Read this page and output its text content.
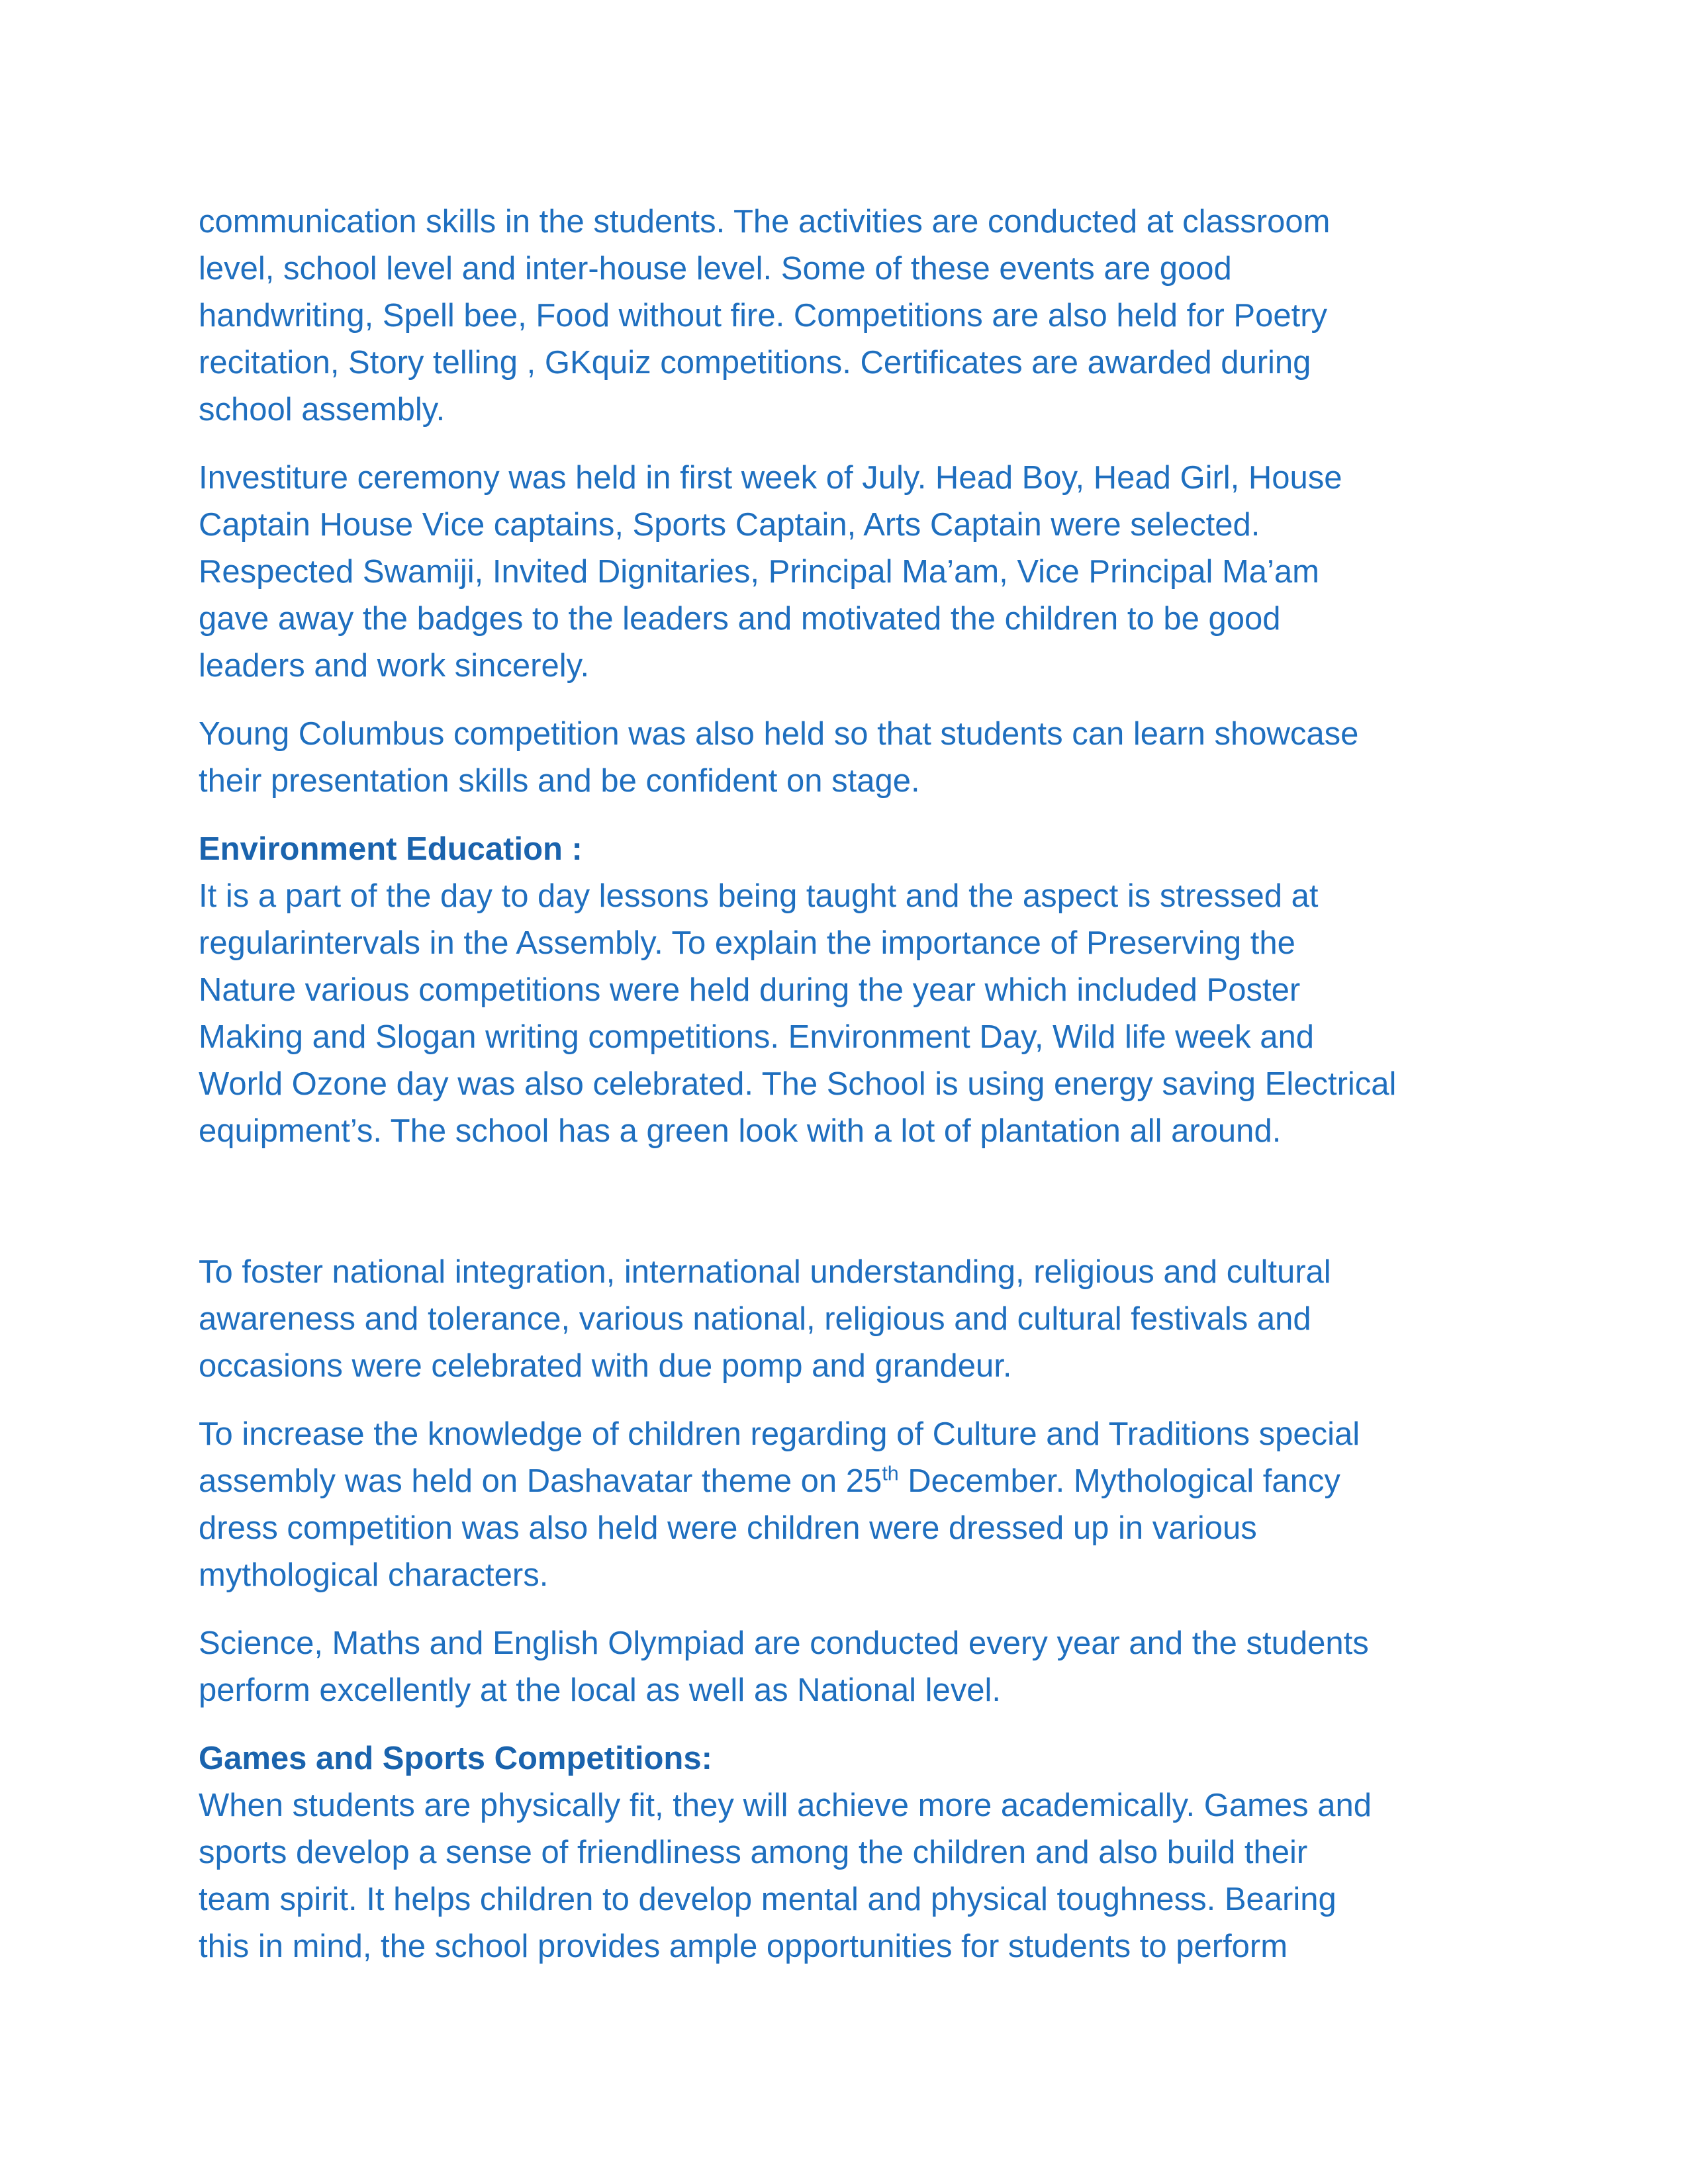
communication skills in the students. The activities are conducted at classroom
level, school level and inter-house level. Some of these events are good
handwriting, Spell bee, Food without fire. Competitions are also held for Poetry
recitation, Story telling , GKquiz competitions. Certificates are awarded during
school assembly.

Investiture ceremony was held in first week of July. Head Boy, Head Girl, House
Captain House Vice captains, Sports Captain, Arts Captain were selected.
Respected Swamiji, Invited Dignitaries, Principal Ma’am, Vice Principal Ma’am
gave away the badges to the leaders and motivated the children to be good
leaders and work sincerely.

Young Columbus competition was also held so that students can learn showcase
their presentation skills and be confident on stage.

Environment Education :

It is a part of the day to day lessons being taught and the aspect is stressed at
regularintervals in the Assembly. To explain the importance of Preserving the
Nature various competitions were held during the year which included Poster
Making and Slogan writing competitions. Environment Day, Wild life week and
World Ozone day was also celebrated. The School is using energy saving Electrical
equipment’s. The school has a green look with a lot of plantation all around.

To foster national integration, international understanding, religious and cultural
awareness and tolerance, various national, religious and cultural festivals and
occasions were celebrated with due pomp and grandeur.

To increase the knowledge of children regarding of Culture and Traditions special
assembly was held on Dashavatar theme on 25th December. Mythological fancy
dress competition was also held were children were dressed up in various
mythological characters.

Science, Maths and English Olympiad are conducted every year and the students
perform excellently at the local as well as National level.

Games and Sports Competitions:

When students are physically fit, they will achieve more academically. Games and
sports develop a sense of friendliness among the children and also build their
team spirit. It helps children to develop mental and physical toughness. Bearing
this in mind, the school provides ample opportunities for students to perform
